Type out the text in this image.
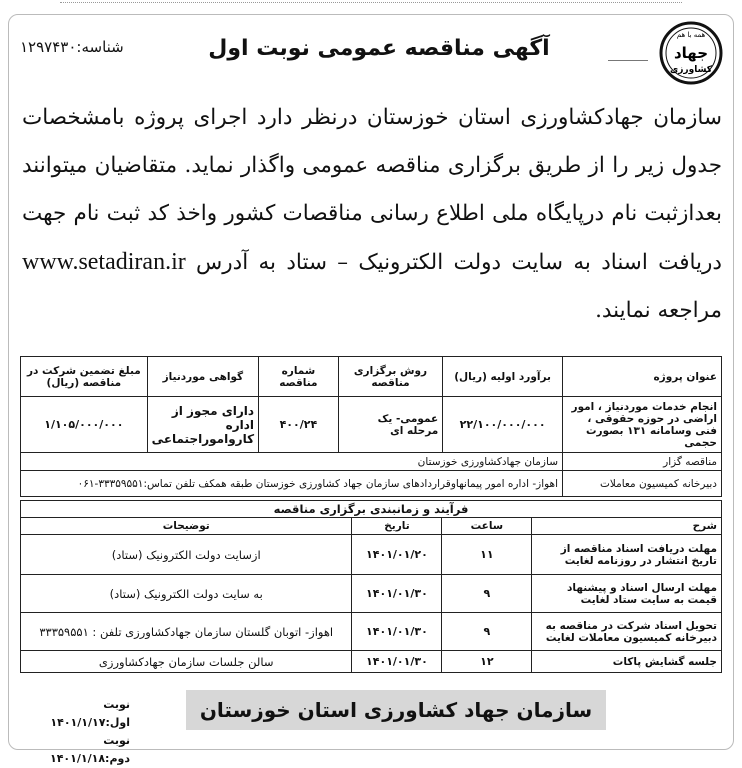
همه با هم
جهاد
کشاورزی
آگهی مناقصه عمومی نوبت اول
شناسه:۱۲۹۷۴۳۰
سازمان جهادکشاورزی استان خوزستان درنظر دارد اجرای پروژه بامشخصات جدول زیر را از طریق برگزاری مناقصه عمومی واگذار نماید. متقاضیان میتوانند بعدازثبت نام درپایگاه ملی اطلاع رسانی مناقصات کشور واخذ کد ثبت نام جهت دریافت اسناد به سایت دولت الکترونیک – ستاد به آدرس www.setadiran.ir مراجعه نمایند.
عنوان پروژه	برآورد اولیه (ریال)	روش برگزاری مناقصه	شماره مناقصه	گواهی موردنیاز	مبلغ تضمین شرکت در مناقصه (ریال)
انجام خدمات موردنیاز ، امور اراضی در حوزه حقوقی ، فنی وسامانه ۱۳۱ بصورت حجمی	۲۲/۱۰۰/۰۰۰/۰۰۰	عمومی- یک مرحله ای	۴۰۰/۲۴	دارای مجوز از اداره کارواموراجتماعی	۱/۱۰۵/۰۰۰/۰۰۰
مناقصه گزار	سازمان جهادکشاورزی خوزستان				
دبیرخانه کمیسیون معاملات	اهواز- اداره امور پیمانهاوقراردادهای سازمان جهاد کشاورزی خوزستان طبقه همکف تلفن تماس:۳۳۳۵۹۵۵۱-۰۶۱				
فرآیند و زمانبندی برگزاری مناقصه			
شرح	ساعت	تاریخ	توضیحات
مهلت دریافت اسناد مناقصه از تاریخ انتشار در روزنامه لغایت	۱۱	۱۴۰۱/۰۱/۲۰	ازسایت دولت الکترونیک (ستاد)
مهلت ارسال اسناد و پیشنهاد قیمت به سایت ستاد لغایت	۹	۱۴۰۱/۰۱/۳۰	به سایت دولت الکترونیک (ستاد)
تحویل اسناد شرکت در مناقصه به دبیرخانه کمیسیون معاملات لغایت	۹	۱۴۰۱/۰۱/۳۰	اهواز- اتوبان گلستان سازمان جهادکشاورزی تلفن : ۳۳۳۵۹۵۵۱
جلسه گشایش پاکات	۱۲	۱۴۰۱/۰۱/۳۰	سالن جلسات سازمان جهادکشاورزی
نوبت اول:۱۴۰۱/۱/۱۷
نوبت دوم:۱۴۰۱/۱/۱۸
سازمان جهاد کشاورزی استان خوزستان
